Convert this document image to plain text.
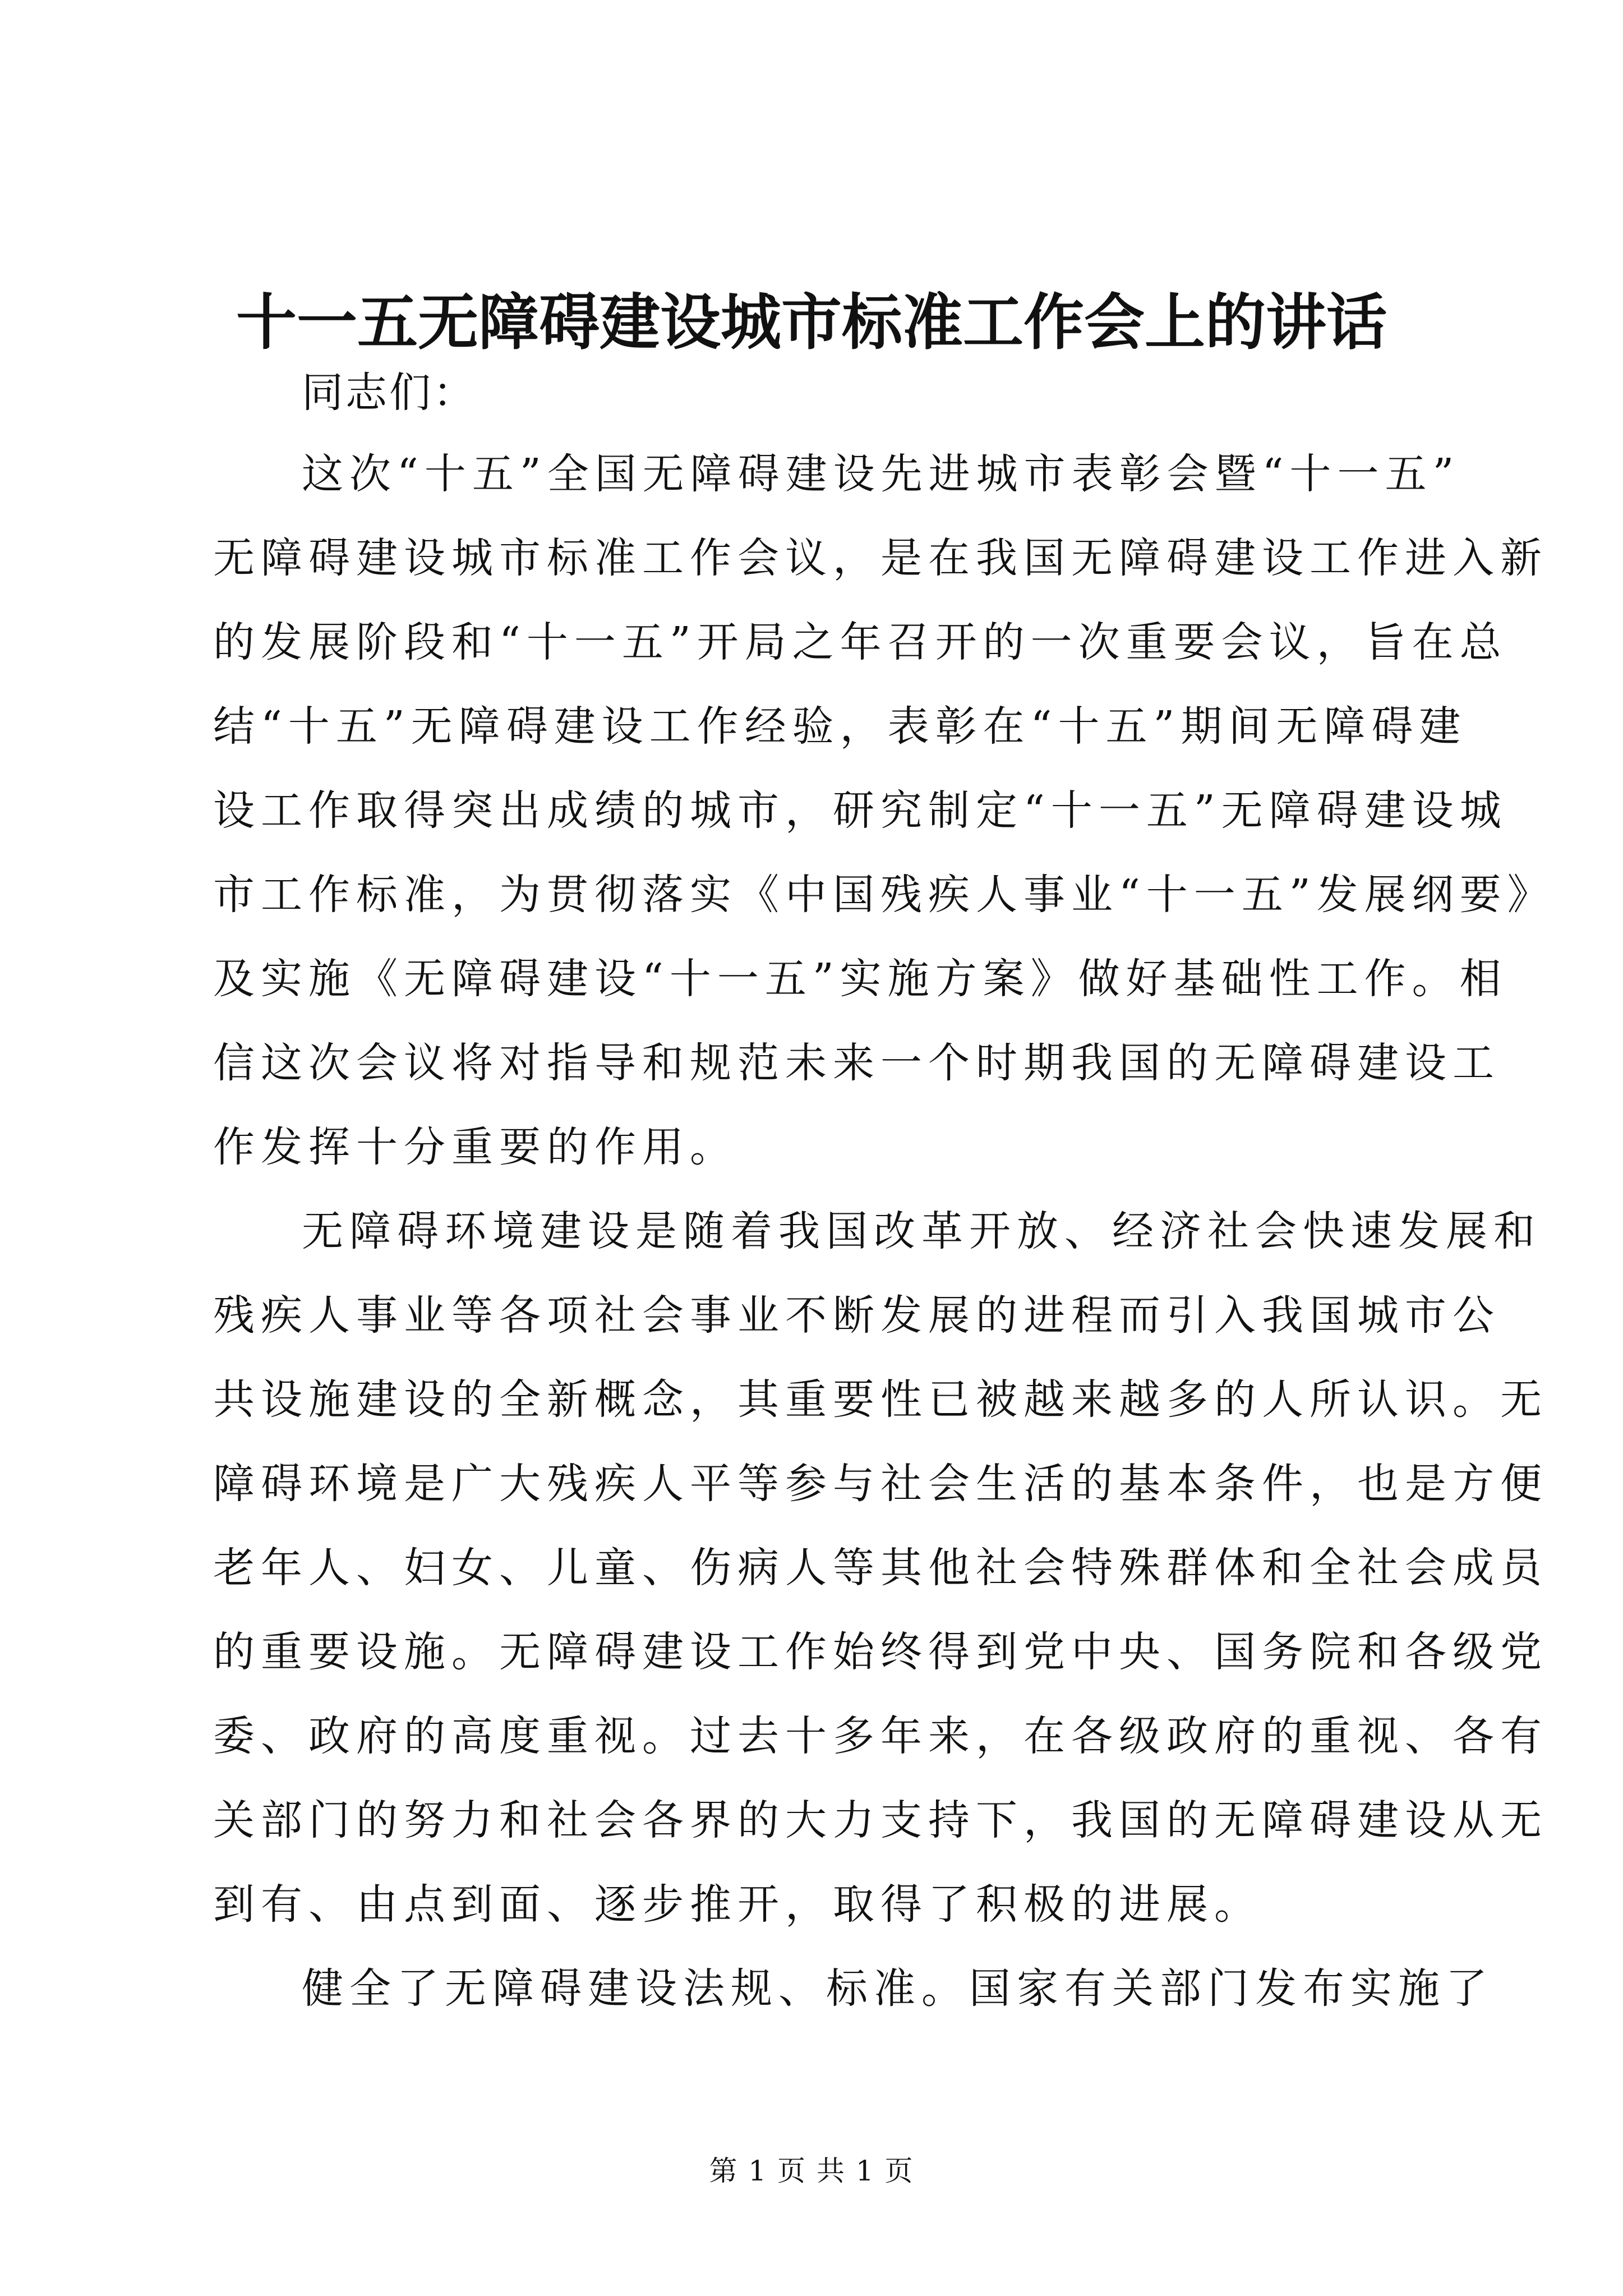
十一五无障碍建设城市标准工作会上的讲话

同志们：

这次“十五”全国无障碍建设先进城市表彰会暨“十一五”
无障碍建设城市标准工作会议，是在我国无障碍建设工作进入新
的发展阶段和“十一五”开局之年召开的一次重要会议，旨在总
结“十五”无障碍建设工作经验，表彰在“十五”期间无障碍建
设工作取得突出成绩的城市，研究制定“十一五”无障碍建设城
市工作标准，为贯彻落实《中国残疾人事业“十一五”发展纲要》
及实施《无障碍建设“十一五”实施方案》做好基础性工作。相
信这次会议将对指导和规范未来一个时期我国的无障碍建设工
作发挥十分重要的作用。

无障碍环境建设是随着我国改革开放、经济社会快速发展和
残疾人事业等各项社会事业不断发展的进程而引入我国城市公
共设施建设的全新概念，其重要性已被越来越多的人所认识。无
障碍环境是广大残疾人平等参与社会生活的基本条件，也是方便
老年人、妇女、儿童、伤病人等其他社会特殊群体和全社会成员
的重要设施。无障碍建设工作始终得到党中央、国务院和各级党
委、政府的高度重视。过去十多年来，在各级政府的重视、各有
关部门的努力和社会各界的大力支持下，我国的无障碍建设从无
到有、由点到面、逐步推开，取得了积极的进展。

健全了无障碍建设法规、标准。国家有关部门发布实施了

第 1 页 共 1 页
